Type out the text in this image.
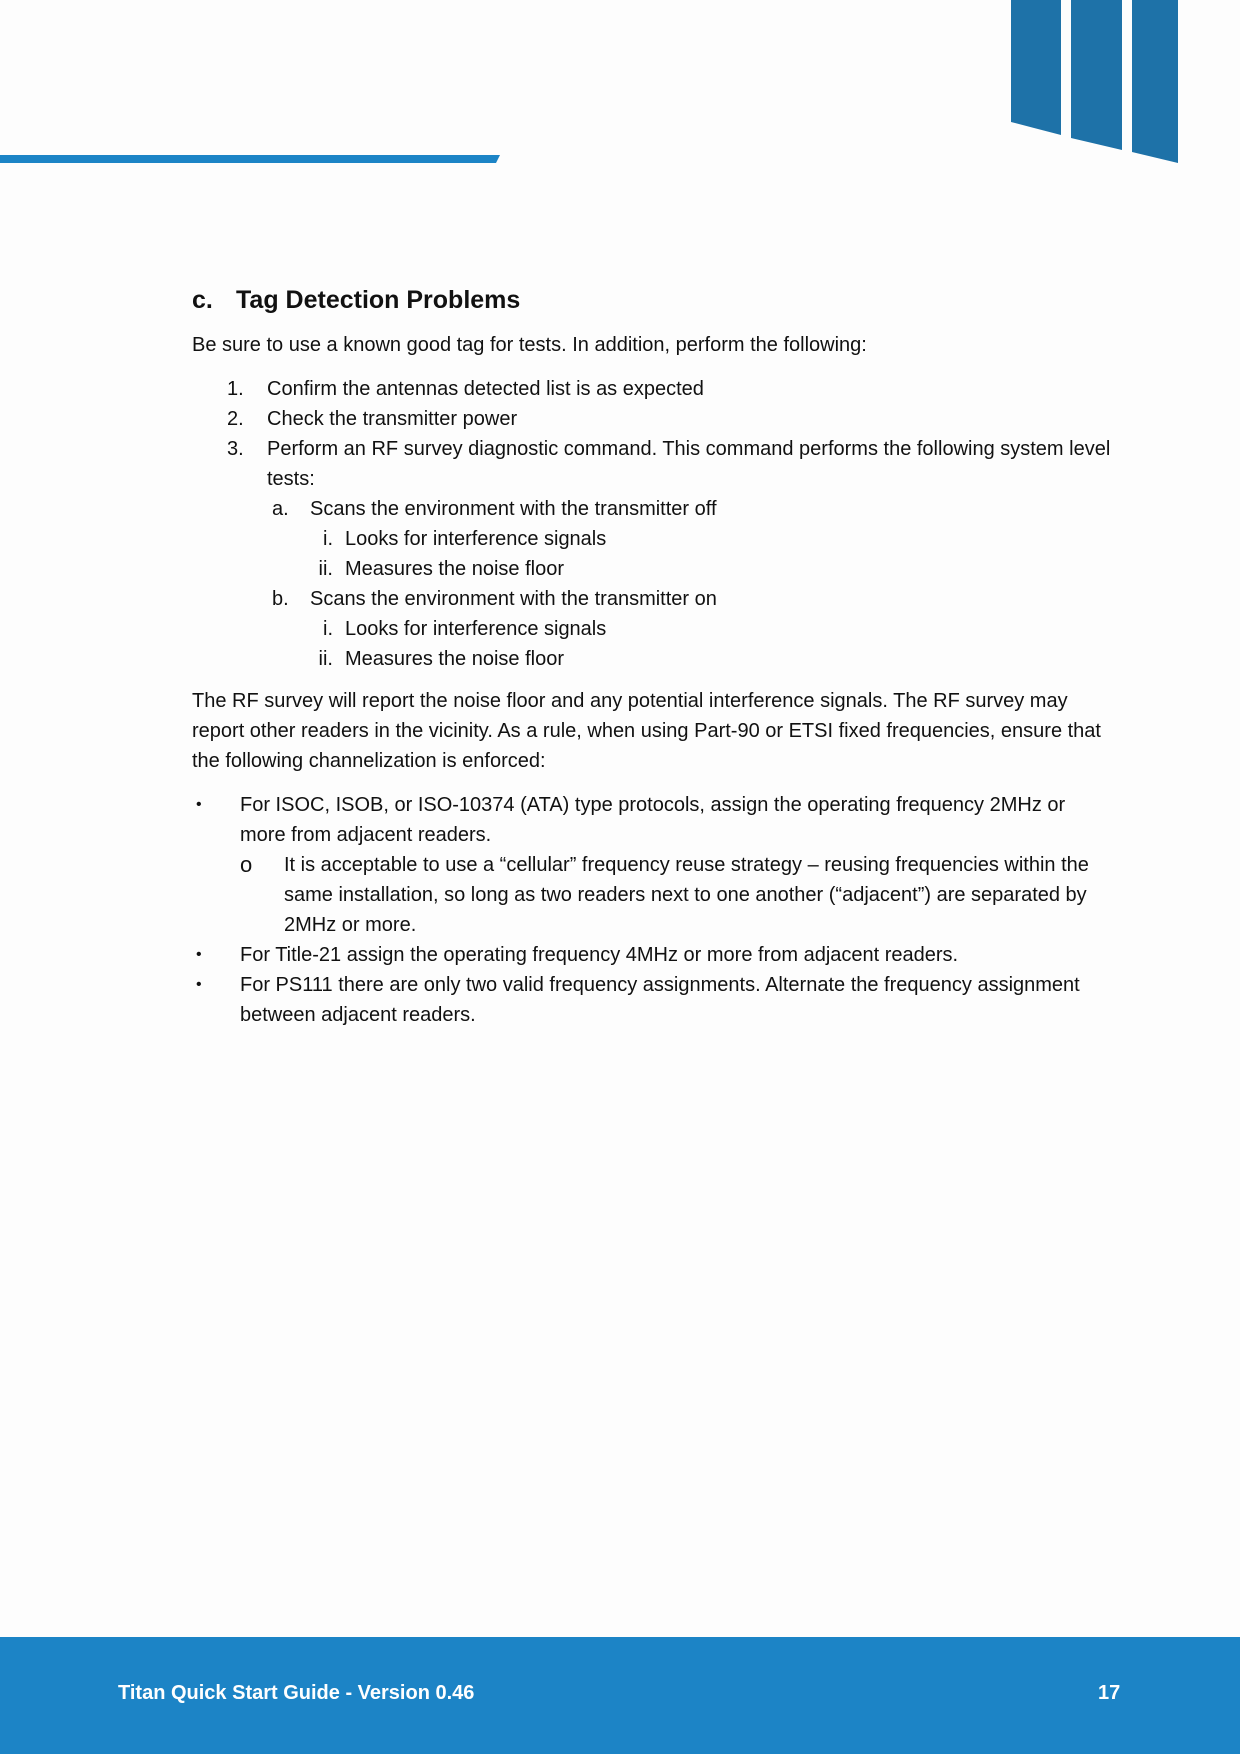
c. Tag Detection Problems

Be sure to use a known good tag for tests. In addition, perform the following:

1.	Confirm the antennas detected list is as expected
2.	Check the transmitter power
3.	Perform an RF survey diagnostic command. This command performs the following system level tests:
a.	Scans the environment with the transmitter off
i. Looks for interference signals
ii. Measures the noise floor
b.	Scans the environment with the transmitter on
i. Looks for interference signals
ii. Measures the noise floor

The RF survey will report the noise floor and any potential interference signals. The RF survey may report other readers in the vicinity. As a rule, when using Part-90 or ETSI fixed frequencies, ensure that the following channelization is enforced:

•	For ISOC, ISOB, or ISO-10374 (ATA) type protocols, assign the operating frequency 2MHz or more from adjacent readers.
o	It is acceptable to use a “cellular” frequency reuse strategy – reusing frequencies within the same installation, so long as two readers next to one another (“adjacent”) are separated by 2MHz or more.
•	For Title-21 assign the operating frequency 4MHz or more from adjacent readers.
•	For PS111 there are only two valid frequency assignments. Alternate the frequency assignment between adjacent readers.
Titan Quick Start Guide - Version 0.46	17
